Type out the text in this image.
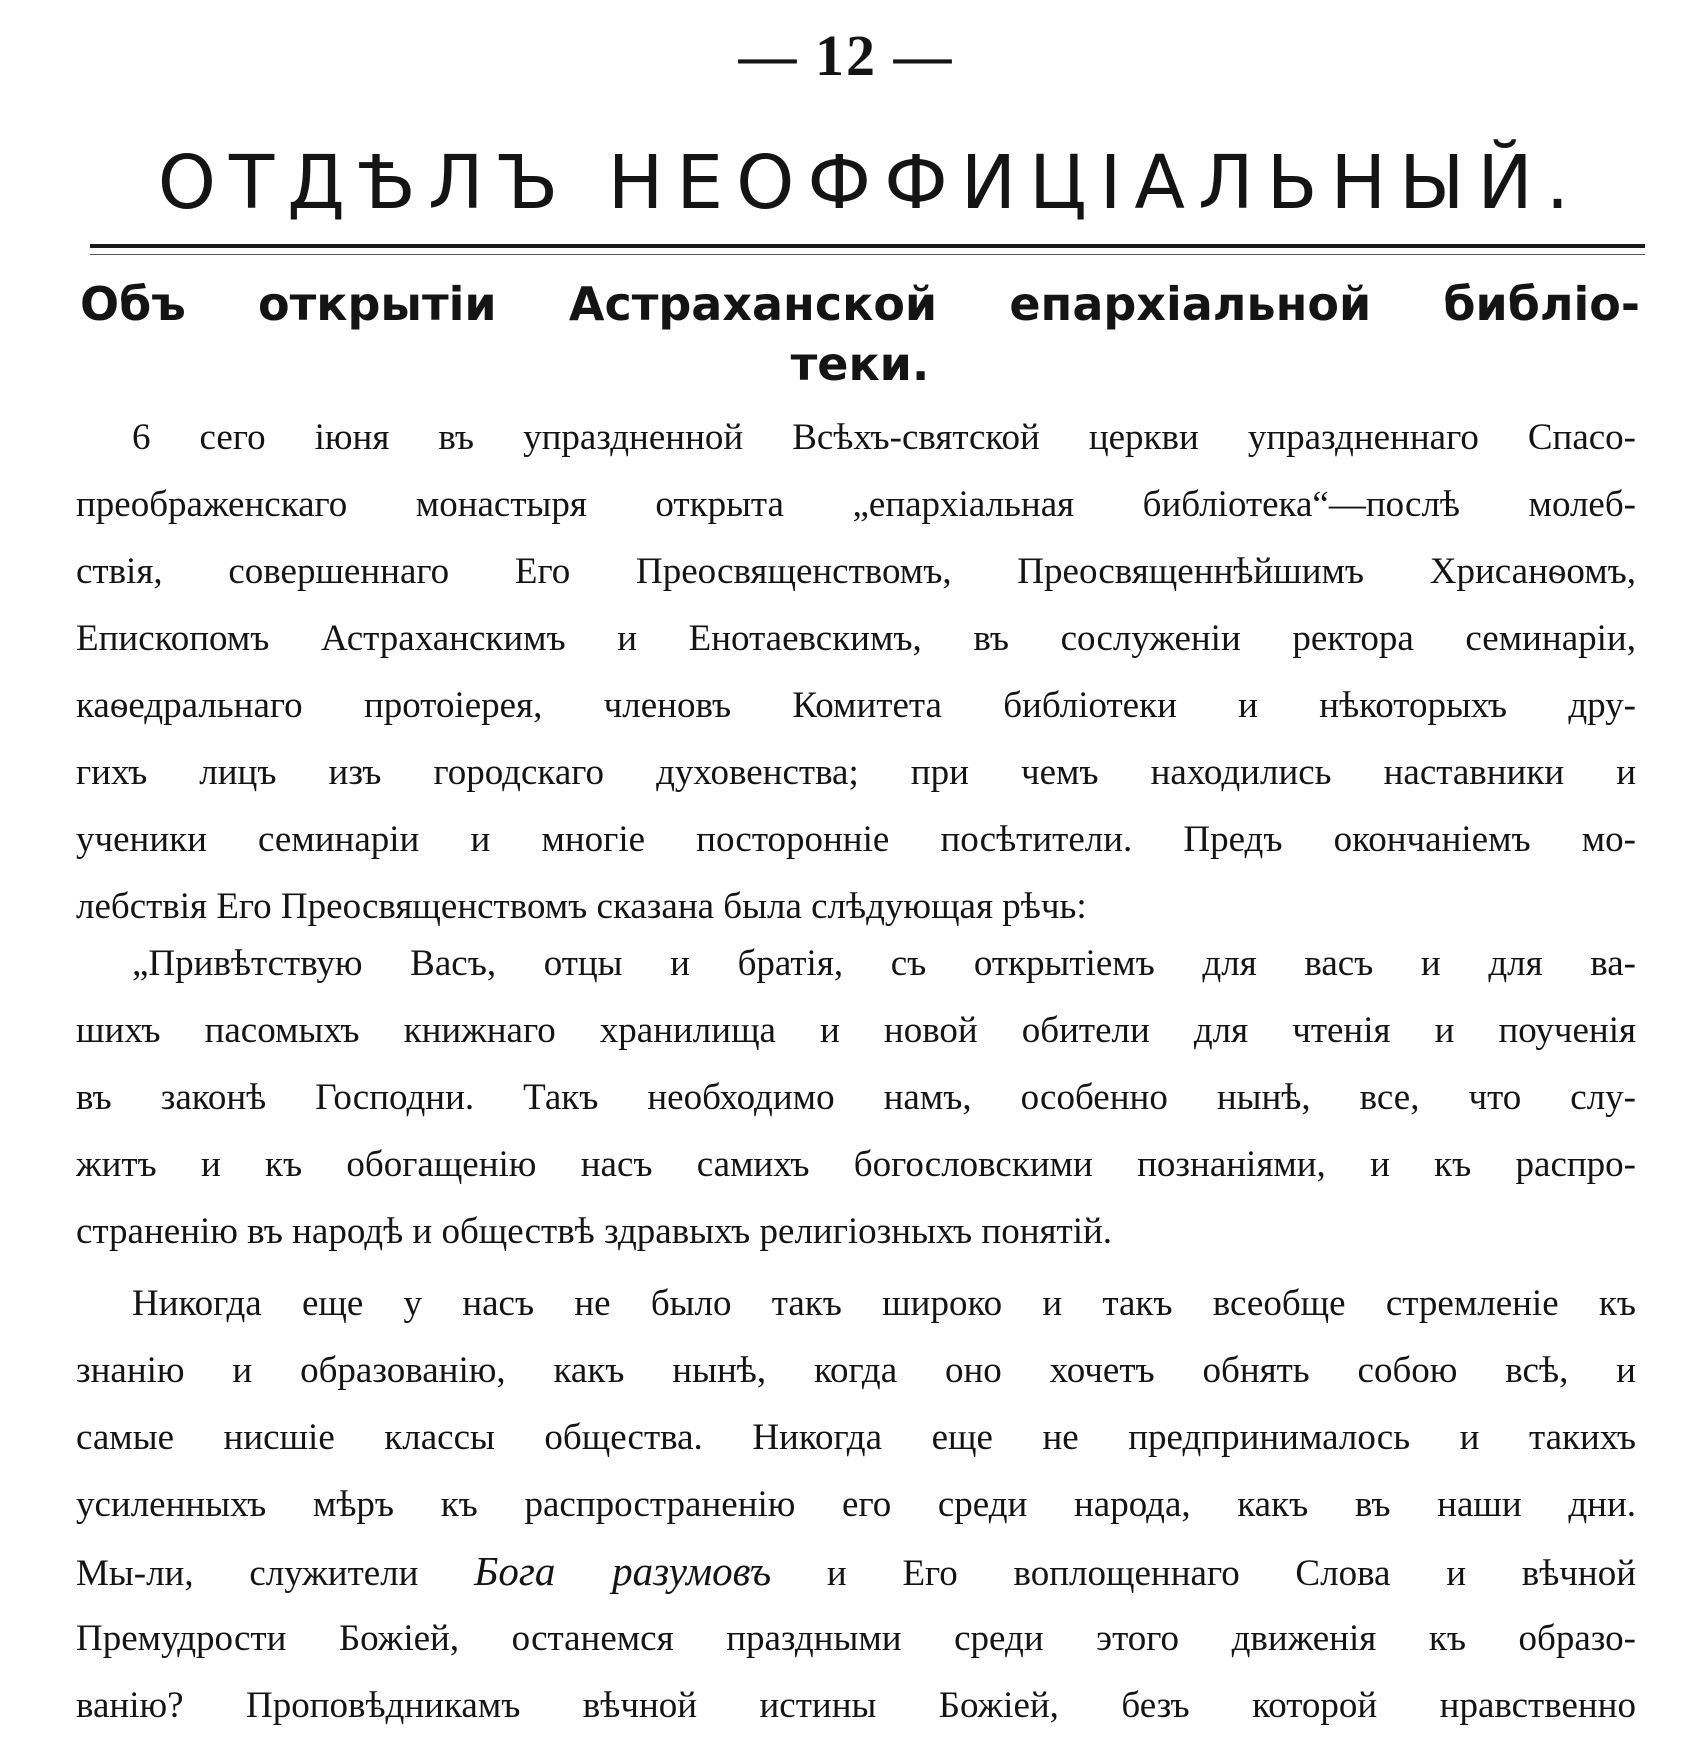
— 12 —
ОТДѢЛЪ НЕОФФИЦІАЛЬНЫЙ.
Объ открытіи Астраханской епархіальной библіо-
теки.
6 сего іюня въ упраздненной Всѣхъ-святской церкви упраздненнаго Спасо-
преображенскаго монастыря открыта „епархіальная библіотека“—послѣ молеб-
ствія, совершеннаго Его Преосвященствомъ, Преосвященнѣйшимъ Хрисанѳомъ,
Епископомъ Астраханскимъ и Енотаевскимъ, въ сослуженіи ректора семинаріи,
каѳедральнаго протоіерея, членовъ Комитета библіотеки и нѣкоторыхъ дру-
гихъ лицъ изъ городскаго духовенства; при чемъ находились наставники и
ученики семинаріи и многіе посторонніе посѣтители. Предъ окончаніемъ мо-
лебствія Его Преосвященствомъ сказана была слѣдующая рѣчь:
„Привѣтствую Васъ, отцы и братія, съ открытіемъ для васъ и для ва-
шихъ пасомыхъ книжнаго хранилища и новой обители для чтенія и поученія
въ законѣ Господни. Такъ необходимо намъ, особенно нынѣ, все, что слу-
житъ и къ обогащенію насъ самихъ богословскими познаніями, и къ распро-
страненію въ народѣ и обществѣ здравыхъ религіозныхъ понятій.
Никогда еще у насъ не было такъ широко и такъ всеобще стремленіе къ
знанію и образованію, какъ нынѣ, когда оно хочетъ обнять собою всѣ, и
самые нисшіе классы общества. Никогда еще не предпринималось и такихъ
усиленныхъ мѣръ къ распространенію его среди народа, какъ въ наши дни.
Мы-ли, служители Бога разумовъ и Его воплощеннаго Слова и вѣчной
Премудрости Божіей, останемся праздными среди этого движенія къ образо-
ванію? Проповѣдникамъ вѣчной истины Божіей, безъ которой нравственно
